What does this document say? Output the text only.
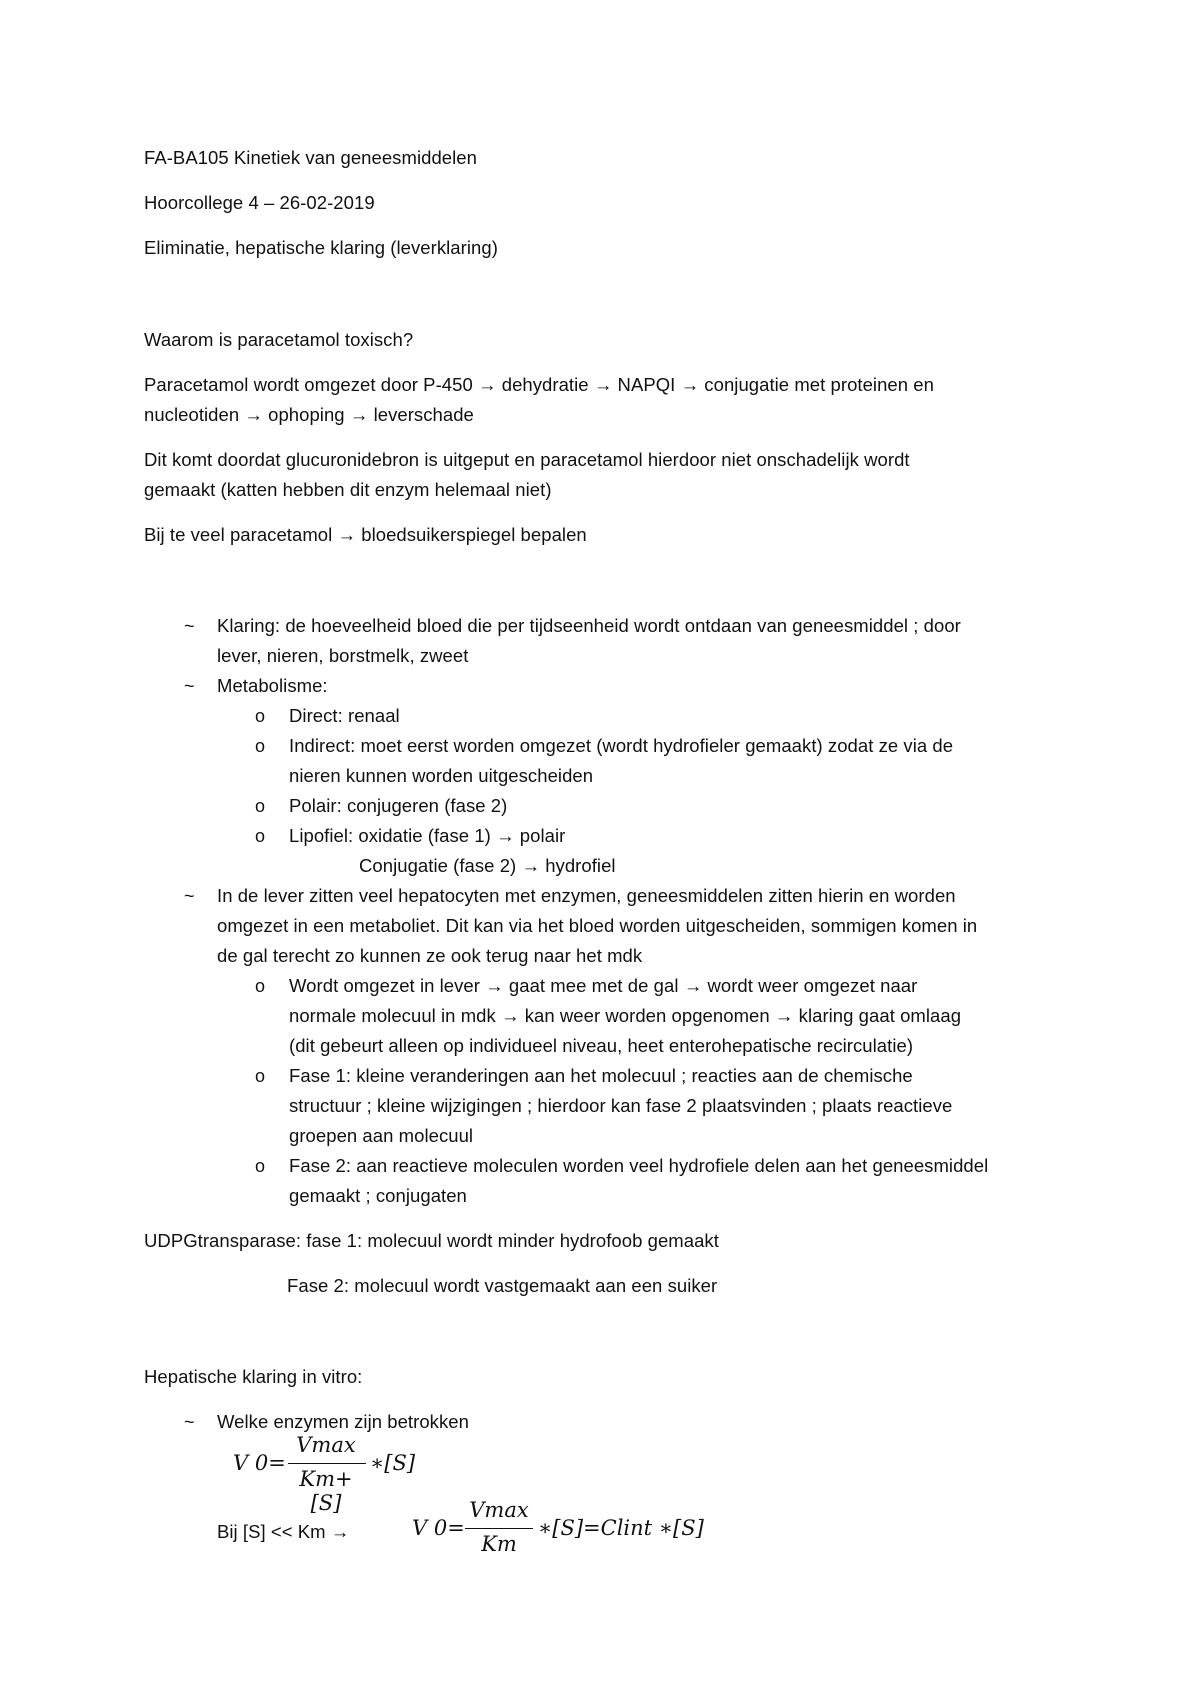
FA-BA105 Kinetiek van geneesmiddelen
Hoorcollege 4 – 26-02-2019
Eliminatie, hepatische klaring (leverklaring)
Waarom is paracetamol toxisch?
Paracetamol wordt omgezet door P-450 → dehydratie → NAPQI → conjugatie met proteinen en
nucleotiden → ophoping → leverschade
Dit komt doordat glucuronidebron is uitgeput en paracetamol hierdoor niet onschadelijk wordt
gemaakt (katten hebben dit enzym helemaal niet)
Bij te veel paracetamol → bloedsuikerspiegel bepalen
~ Klaring: de hoeveelheid bloed die per tijdseenheid wordt ontdaan van geneesmiddel ; door
lever, nieren, borstmelk, zweet
~ Metabolisme:
o Direct: renaal
o Indirect: moet eerst worden omgezet (wordt hydrofieler gemaakt) zodat ze via de
nieren kunnen worden uitgescheiden
o Polair: conjugeren (fase 2)
o Lipofiel: oxidatie (fase 1) → polair
Conjugatie (fase 2) → hydrofiel
~ In de lever zitten veel hepatocyten met enzymen, geneesmiddelen zitten hierin en worden
omgezet in een metaboliet. Dit kan via het bloed worden uitgescheiden, sommigen komen in
de gal terecht zo kunnen ze ook terug naar het mdk
o Wordt omgezet in lever → gaat mee met de gal → wordt weer omgezet naar
normale molecuul in mdk → kan weer worden opgenomen → klaring gaat omlaag
(dit gebeurt alleen op individueel niveau, heet enterohepatische recirculatie)
o Fase 1: kleine veranderingen aan het molecuul ; reacties aan de chemische
structuur ; kleine wijzigingen ; hierdoor kan fase 2 plaatsvinden ; plaats reactieve
groepen aan molecuul
o Fase 2: aan reactieve moleculen worden veel hydrofiele delen aan het geneesmiddel
gemaakt ; conjugaten
UDPGtransparase: fase 1: molecuul wordt minder hydrofoob gemaakt
Fase 2: molecuul wordt vastgemaakt aan een suiker
Hepatische klaring in vitro:
~ Welke enzymen zijn betrokken
V 0=
Vmax
Km+[S]
∗[S]
Bij [S] << Km →	V 0=
Vmax
Km
∗[S]=Clint ∗[S]
